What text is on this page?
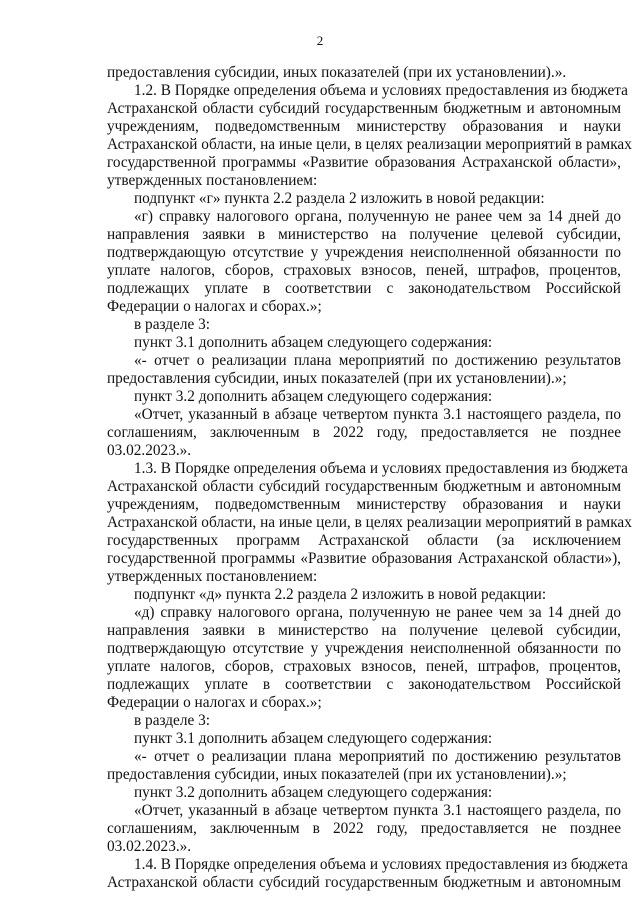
2
предоставления субсидии, иных показателей (при их установлении).».
1.2. В Порядке определения объема и условиях предоставления из бюджета
Астраханской области субсидий государственным бюджетным и автономным
учреждениям, подведомственным министерству образования и науки
Астраханской области, на иные цели, в целях реализации мероприятий в рамках
государственной программы «Развитие образования Астраханской области»,
утвержденных постановлением:
подпункт «г» пункта 2.2 раздела 2 изложить в новой редакции:
«г) справку налогового органа, полученную не ранее чем за 14 дней до
направления заявки в министерство на получение целевой субсидии,
подтверждающую отсутствие у учреждения неисполненной обязанности по
уплате налогов, сборов, страховых взносов, пеней, штрафов, процентов,
подлежащих уплате в соответствии с законодательством Российской
Федерации о налогах и сборах.»;
в разделе 3:
пункт 3.1 дополнить абзацем следующего содержания:
«- отчет о реализации плана мероприятий по достижению результатов
предоставления субсидии, иных показателей (при их установлении).»;
пункт 3.2 дополнить абзацем следующего содержания:
«Отчет, указанный в абзаце четвертом пункта 3.1 настоящего раздела, по
соглашениям, заключенным в 2022 году, предоставляется не позднее
03.02.2023.».
1.3. В Порядке определения объема и условиях предоставления из бюджета
Астраханской области субсидий государственным бюджетным и автономным
учреждениям, подведомственным министерству образования и науки
Астраханской области, на иные цели, в целях реализации мероприятий в рамках
государственных программ Астраханской области (за исключением
государственной программы «Развитие образования Астраханской области»),
утвержденных постановлением:
подпункт «д» пункта 2.2 раздела 2 изложить в новой редакции:
«д) справку налогового органа, полученную не ранее чем за 14 дней до
направления заявки в министерство на получение целевой субсидии,
подтверждающую отсутствие у учреждения неисполненной обязанности по
уплате налогов, сборов, страховых взносов, пеней, штрафов, процентов,
подлежащих уплате в соответствии с законодательством Российской
Федерации о налогах и сборах.»;
в разделе 3:
пункт 3.1 дополнить абзацем следующего содержания:
«- отчет о реализации плана мероприятий по достижению результатов
предоставления субсидии, иных показателей (при их установлении).»;
пункт 3.2 дополнить абзацем следующего содержания:
«Отчет, указанный в абзаце четвертом пункта 3.1 настоящего раздела, по
соглашениям, заключенным в 2022 году, предоставляется не позднее
03.02.2023.».
1.4. В Порядке определения объема и условиях предоставления из бюджета
Астраханской области субсидий государственным бюджетным и автономным
